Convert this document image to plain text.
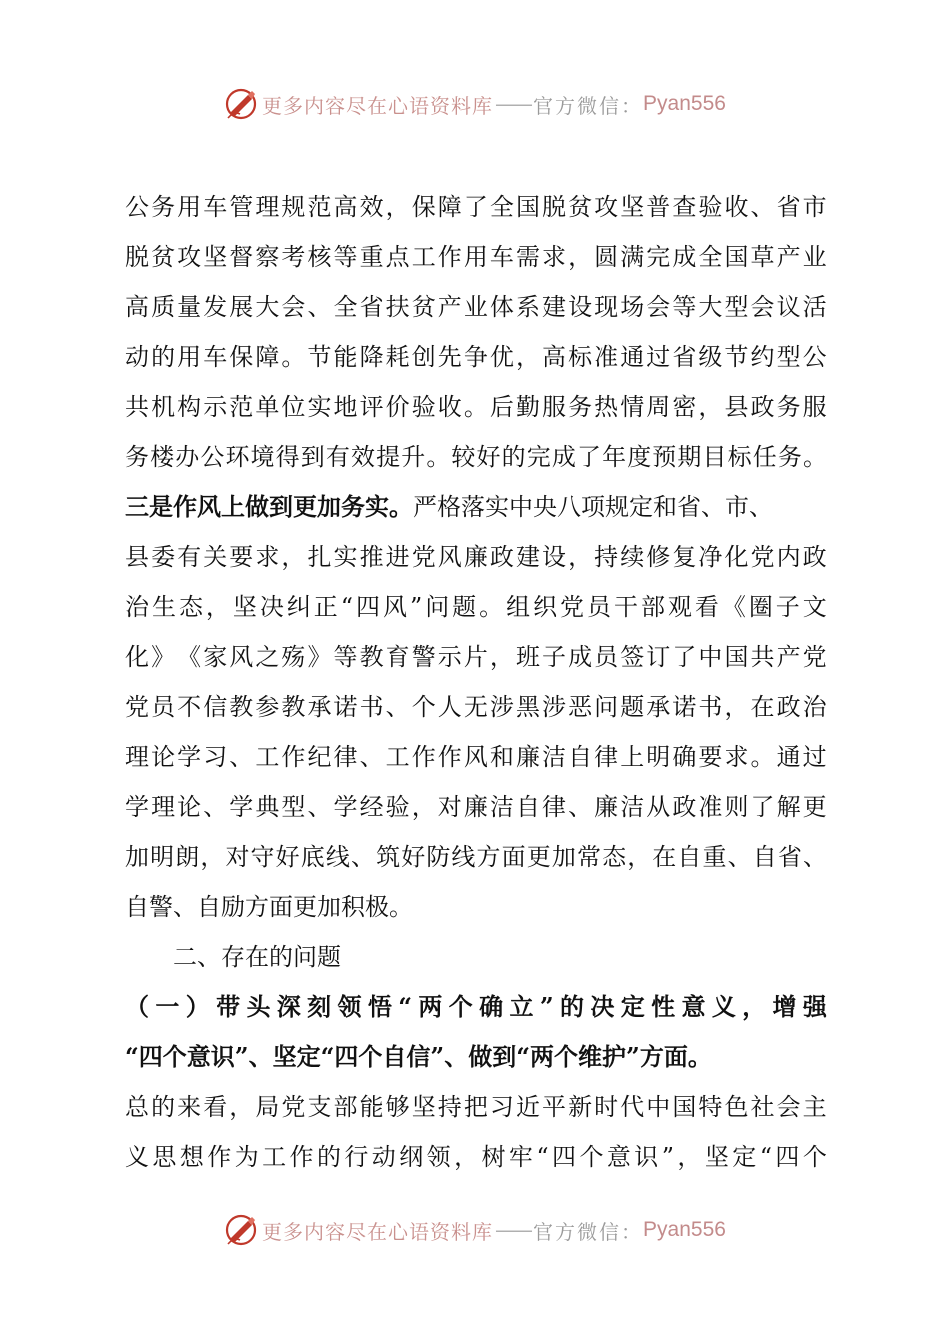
更多内容尽在心语资料库 —— 官方微信： Pyan556
公 务 用 车 管 理 规 范 高 效 ， 保 障 了 全 国 脱 贫 攻 坚 普 查 验 收 、 省 市
脱 贫 攻 坚 督 察 考 核 等 重 点 工 作 用 车 需 求 ， 圆 满 完 成 全 国 草 产 业
高 质 量 发 展 大 会 、 全 省 扶 贫 产 业 体 系 建 设 现 场 会 等 大 型 会 议 活
动 的 用 车 保 障 。 节 能 降 耗 创 先 争 优 ， 高 标 准 通 过 省 级 节 约 型 公
共 机 构 示 范 单 位 实 地 评 价 验 收 。 后 勤 服 务 热 情 周 密 ， 县 政 务 服
务 楼 办 公 环 境 得 到 有 效 提 升 。 较 好 的 完 成 了 年 度 预 期 目 标 任 务 。
三是作风上做到更加务实。严格落实中央八项规定和省、市、
县 委 有 关 要 求 ， 扎 实 推 进 党 风 廉 政 建 设 ， 持 续 修 复 净 化 党 内 政
治 生 态 ， 坚 决 纠 正 “ 四 风 ” 问 题 。 组 织 党 员 干 部 观 看 《 圈 子 文
化 》 《 家 风 之 殇 》 等 教 育 警 示 片 ， 班 子 成 员 签 订 了 中 国 共 产 党
党 员 不 信 教 参 教 承 诺 书 、 个 人 无 涉 黑 涉 恶 问 题 承 诺 书 ， 在 政 治
理 论 学 习 、 工 作 纪 律 、 工 作 作 风 和 廉 洁 自 律 上 明 确 要 求 。 通 过
学 理 论 、 学 典 型 、 学 经 验 ， 对 廉 洁 自 律 、 廉 洁 从 政 准 则 了 解 更
加 明 朗 ， 对 守 好 底 线 、 筑 好 防 线 方 面 更 加 常 态 ， 在 自 重 、 自 省 、
自警、自励方面更加积极。
二、存在的问题
（ 一 ） 带 头 深 刻 领 悟 “ 两 个 确 立 ” 的 决 定 性 意 义 ， 增 强
“四个意识”、坚定“四个自信”、做到“两个维护”方面。
总 的 来 看 ， 局 党 支 部 能 够 坚 持 把 习 近 平 新 时 代 中 国 特 色 社 会 主
义 思 想 作 为 工 作 的 行 动 纲 领 ， 树 牢 “ 四 个 意 识 ” ， 坚 定 “ 四 个
更多内容尽在心语资料库 —— 官方微信： Pyan556
